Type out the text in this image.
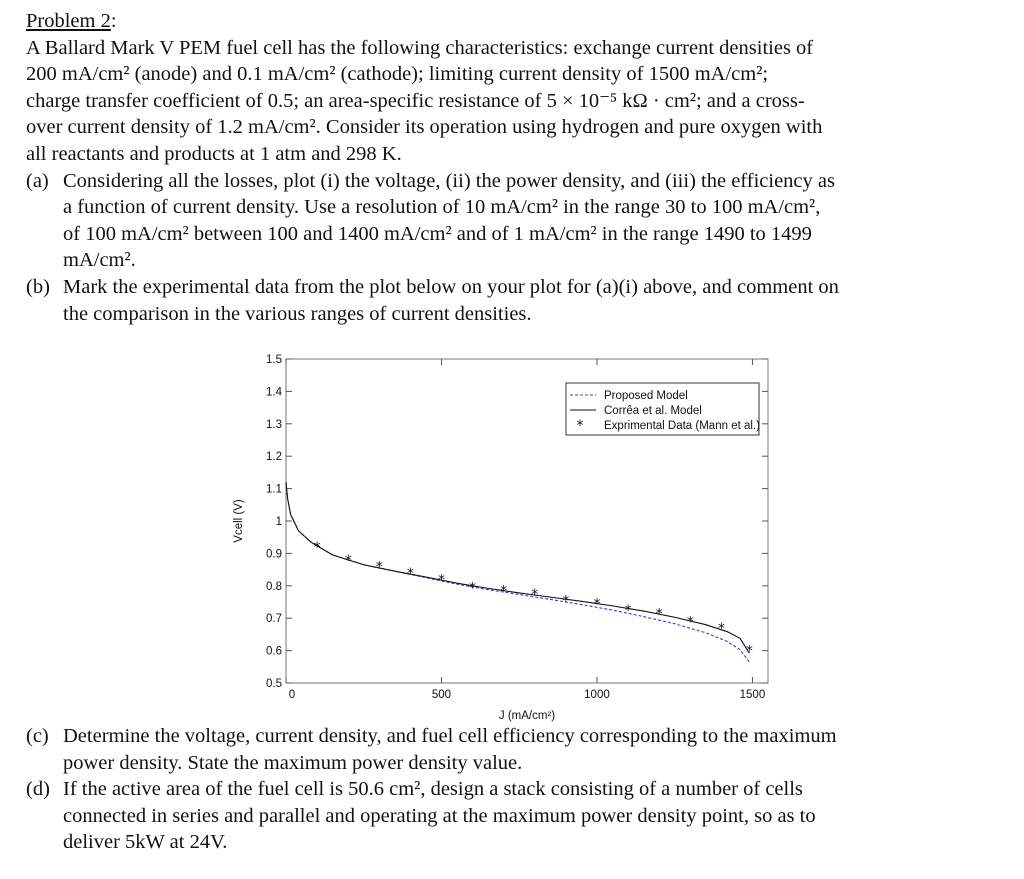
Problem 2:
A Ballard Mark V PEM fuel cell has the following characteristics: exchange current densities of
200 mA/cm² (anode) and 0.1 mA/cm² (cathode); limiting current density of 1500 mA/cm²;
charge transfer coefficient of 0.5; an area-specific resistance of 5 × 10⁻⁵ kΩ · cm²; and a cross-
over current density of 1.2 mA/cm². Consider its operation using hydrogen and pure oxygen with
all reactants and products at 1 atm and 298 K.
(a) Considering all the losses, plot (i) the voltage, (ii) the power density, and (iii) the efficiency as
a function of current density. Use a resolution of 10 mA/cm² in the range 30 to 100 mA/cm²,
of 100 mA/cm² between 100 and 1400 mA/cm² and of 1 mA/cm² in the range 1490 to 1499
mA/cm².
(b) Mark the experimental data from the plot below on your plot for (a)(i) above, and comment on
the comparison in the various ranges of current densities.
0.5
0.6
0.7
0.8
0.9
1
1.1
1.2
1.3
1.4
1.5
0	500	1000	1500
J (mA/cm²)
Vcell (V)
*
* * * *
* * * * * * *
* *
*
Proposed Model
Corrêa et al. Model
* Exprimental Data (Mann et al.)
(c) Determine the voltage, current density, and fuel cell efficiency corresponding to the maximum
power density. State the maximum power density value.
(d) If the active area of the fuel cell is 50.6 cm², design a stack consisting of a number of cells
connected in series and parallel and operating at the maximum power density point, so as to
deliver 5kW at 24V.
